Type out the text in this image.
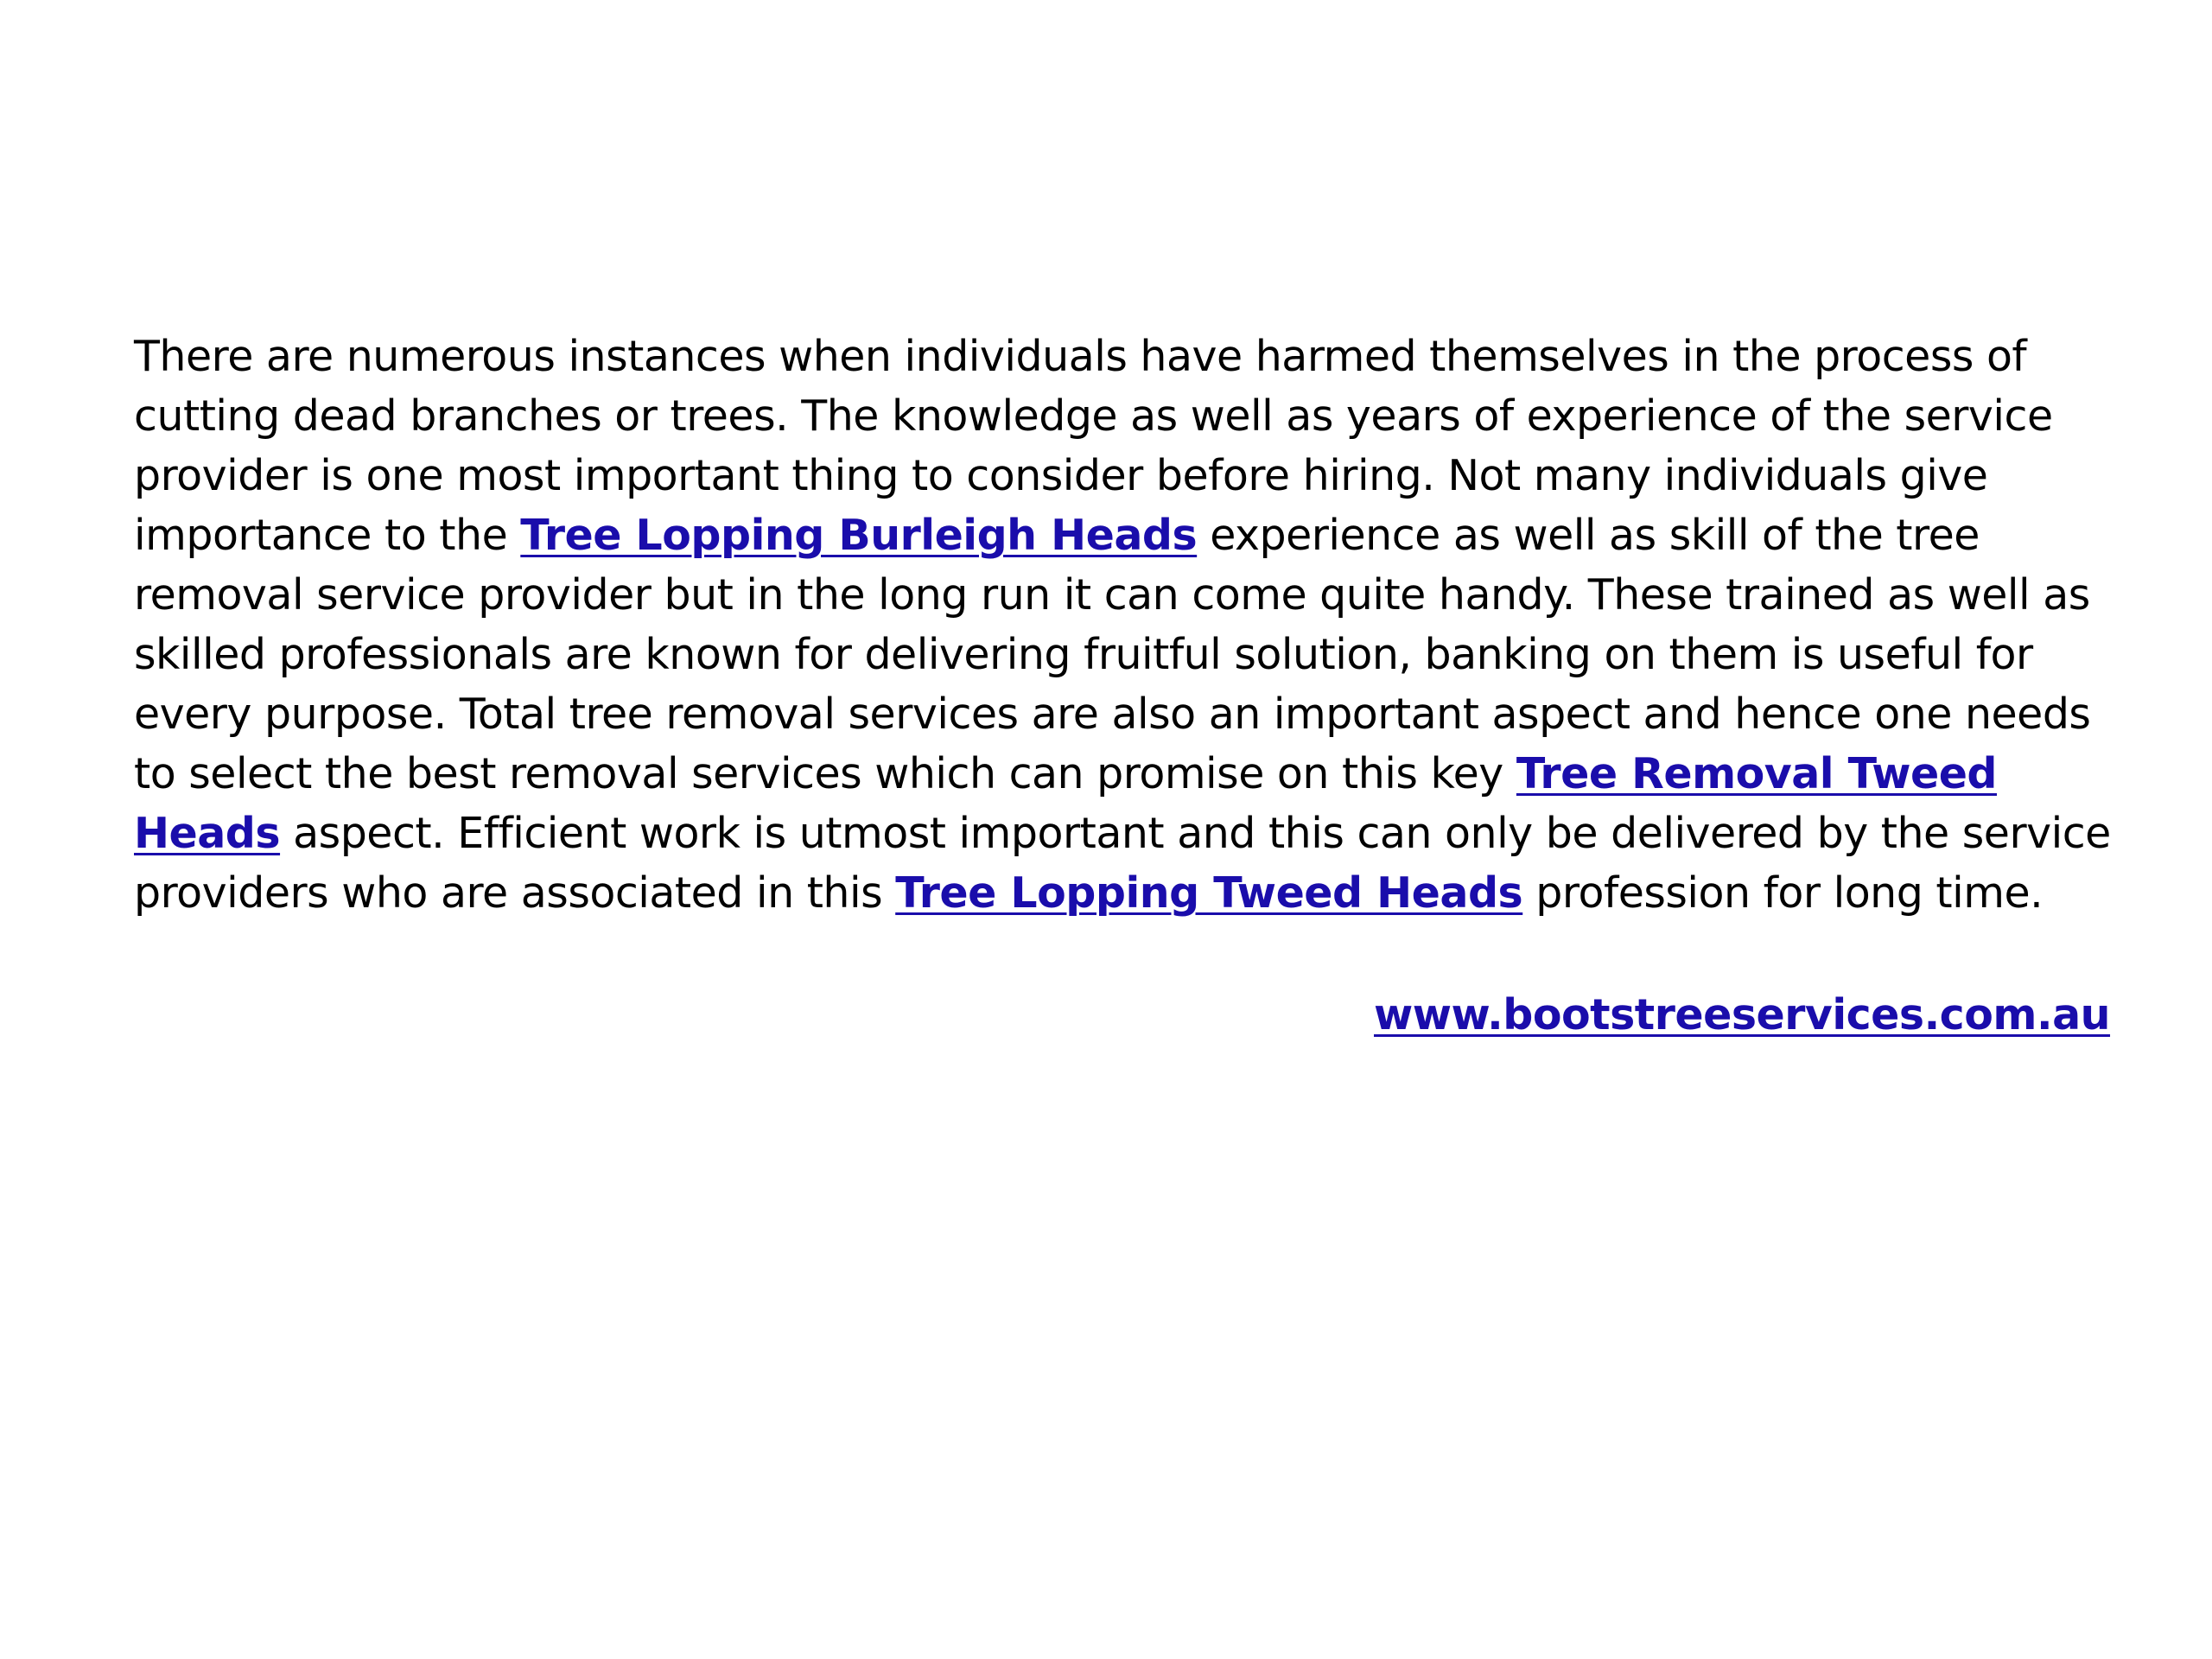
There are numerous instances when individuals have harmed themselves in the process of cutting dead branches or trees. The knowledge as well as years of experience of the service provider is one most important thing to consider before hiring. Not many individuals give importance to the Tree Lopping Burleigh Heads experience as well as skill of the tree removal service provider but in the long run it can come quite handy. These trained as well as skilled professionals are known for delivering fruitful solution, banking on them is useful for every purpose. Total tree removal services are also an important aspect and hence one needs to select the best removal services which can promise on this key Tree Removal Tweed Heads aspect. Efficient work is utmost important and this can only be delivered by the service providers who are associated in this Tree Lopping Tweed Heads profession for long time.

www.bootstreeservices.com.au
